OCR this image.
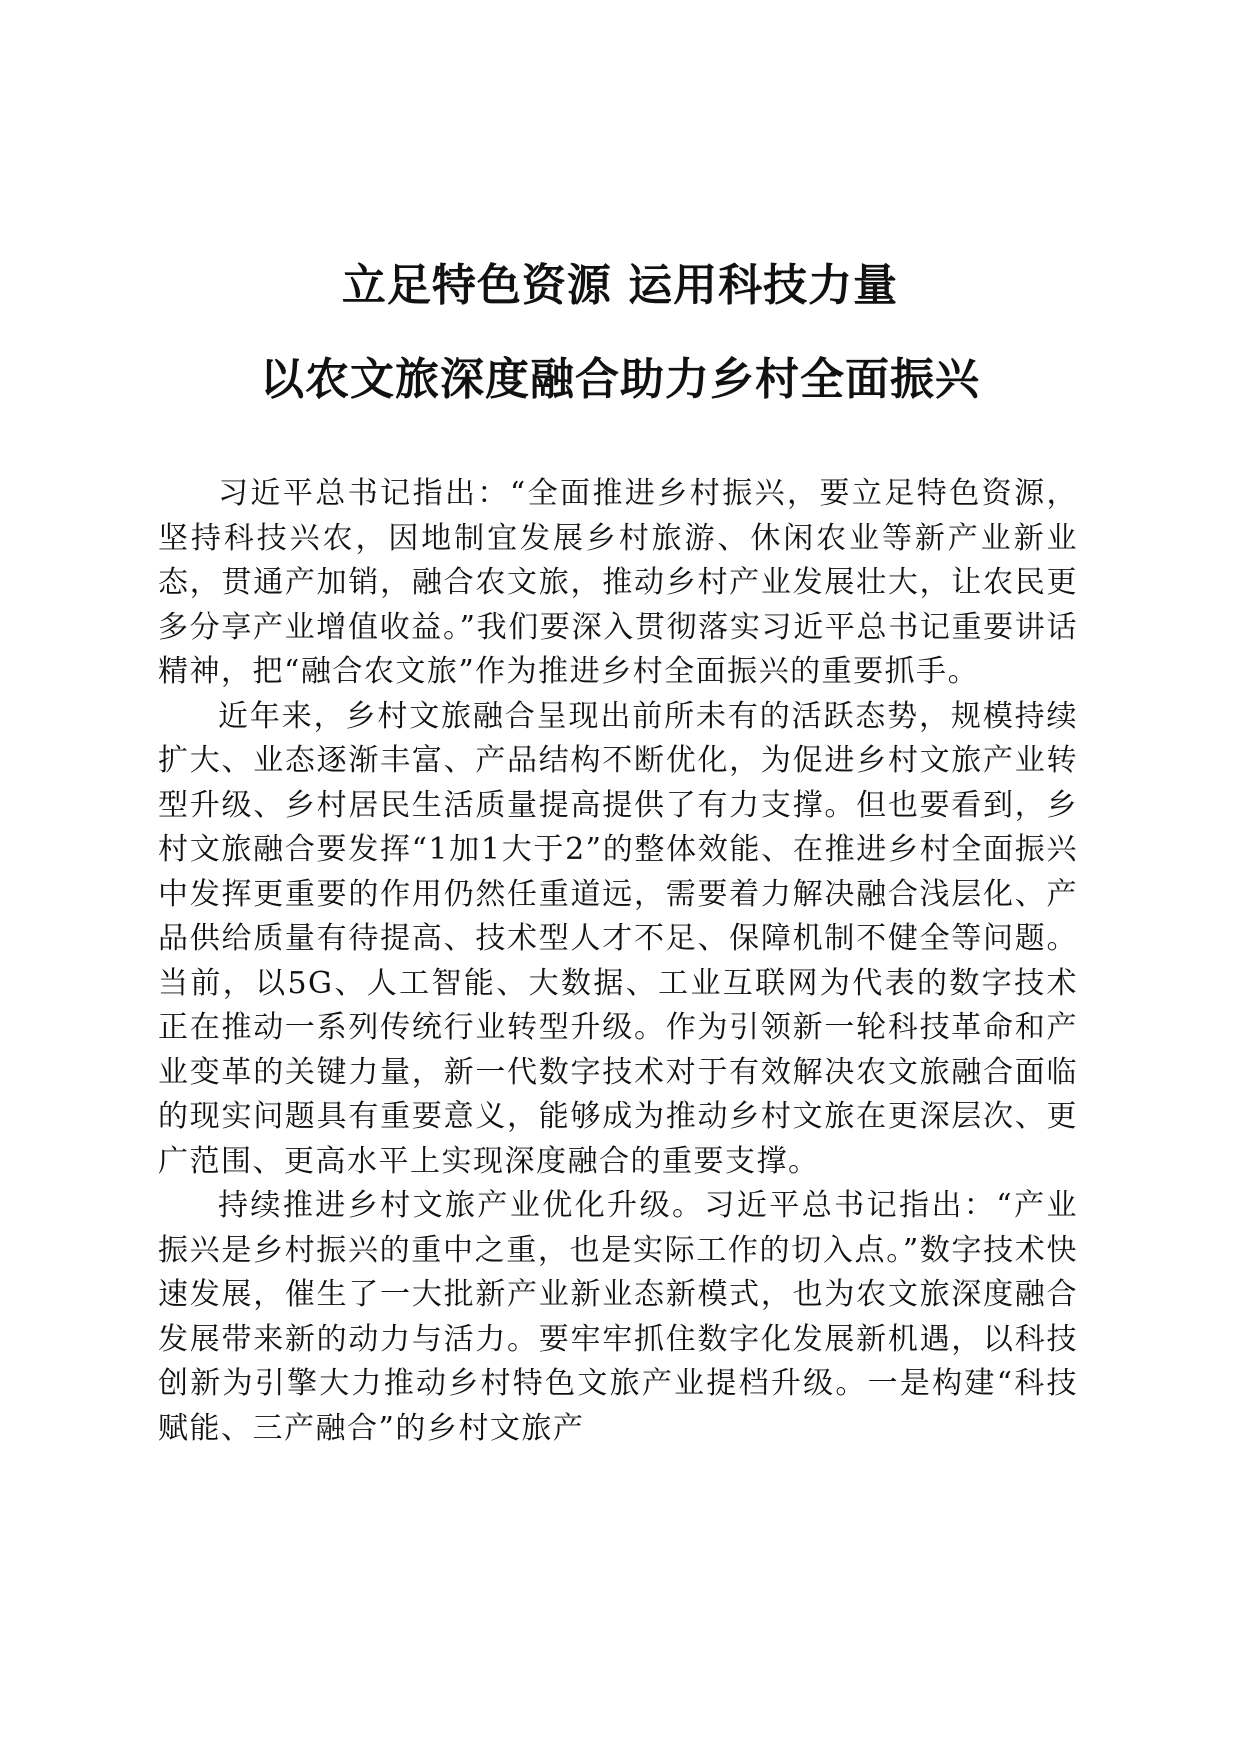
立足特色资源 运用科技力量
以农文旅深度融合助力乡村全面振兴

习近平总书记指出：“全面推进乡村振兴，要立足特色资源，坚持科技兴农，因地制宜发展乡村旅游、休闲农业等新产业新业态，贯通产加销，融合农文旅，推动乡村产业发展壮大，让农民更多分享产业增值收益。”我们要深入贯彻落实习近平总书记重要讲话精神，把“融合农文旅”作为推进乡村全面振兴的重要抓手。

近年来，乡村文旅融合呈现出前所未有的活跃态势，规模持续扩大、业态逐渐丰富、产品结构不断优化，为促进乡村文旅产业转型升级、乡村居民生活质量提高提供了有力支撑。但也要看到，乡村文旅融合要发挥“1加1大于2”的整体效能、在推进乡村全面振兴中发挥更重要的作用仍然任重道远，需要着力解决融合浅层化、产品供给质量有待提高、技术型人才不足、保障机制不健全等问题。当前，以5G、人工智能、大数据、工业互联网为代表的数字技术正在推动一系列传统行业转型升级。作为引领新一轮科技革命和产业变革的关键力量，新一代数字技术对于有效解决农文旅融合面临的现实问题具有重要意义，能够成为推动乡村文旅在更深层次、更广范围、更高水平上实现深度融合的重要支撑。

持续推进乡村文旅产业优化升级。习近平总书记指出：“产业振兴是乡村振兴的重中之重，也是实际工作的切入点。”数字技术快速发展，催生了一大批新产业新业态新模式，也为农文旅深度融合发展带来新的动力与活力。要牢牢抓住数字化发展新机遇，以科技创新为引擎大力推动乡村特色文旅产业提档升级。一是构建“科技赋能、三产融合”的乡村文旅产
